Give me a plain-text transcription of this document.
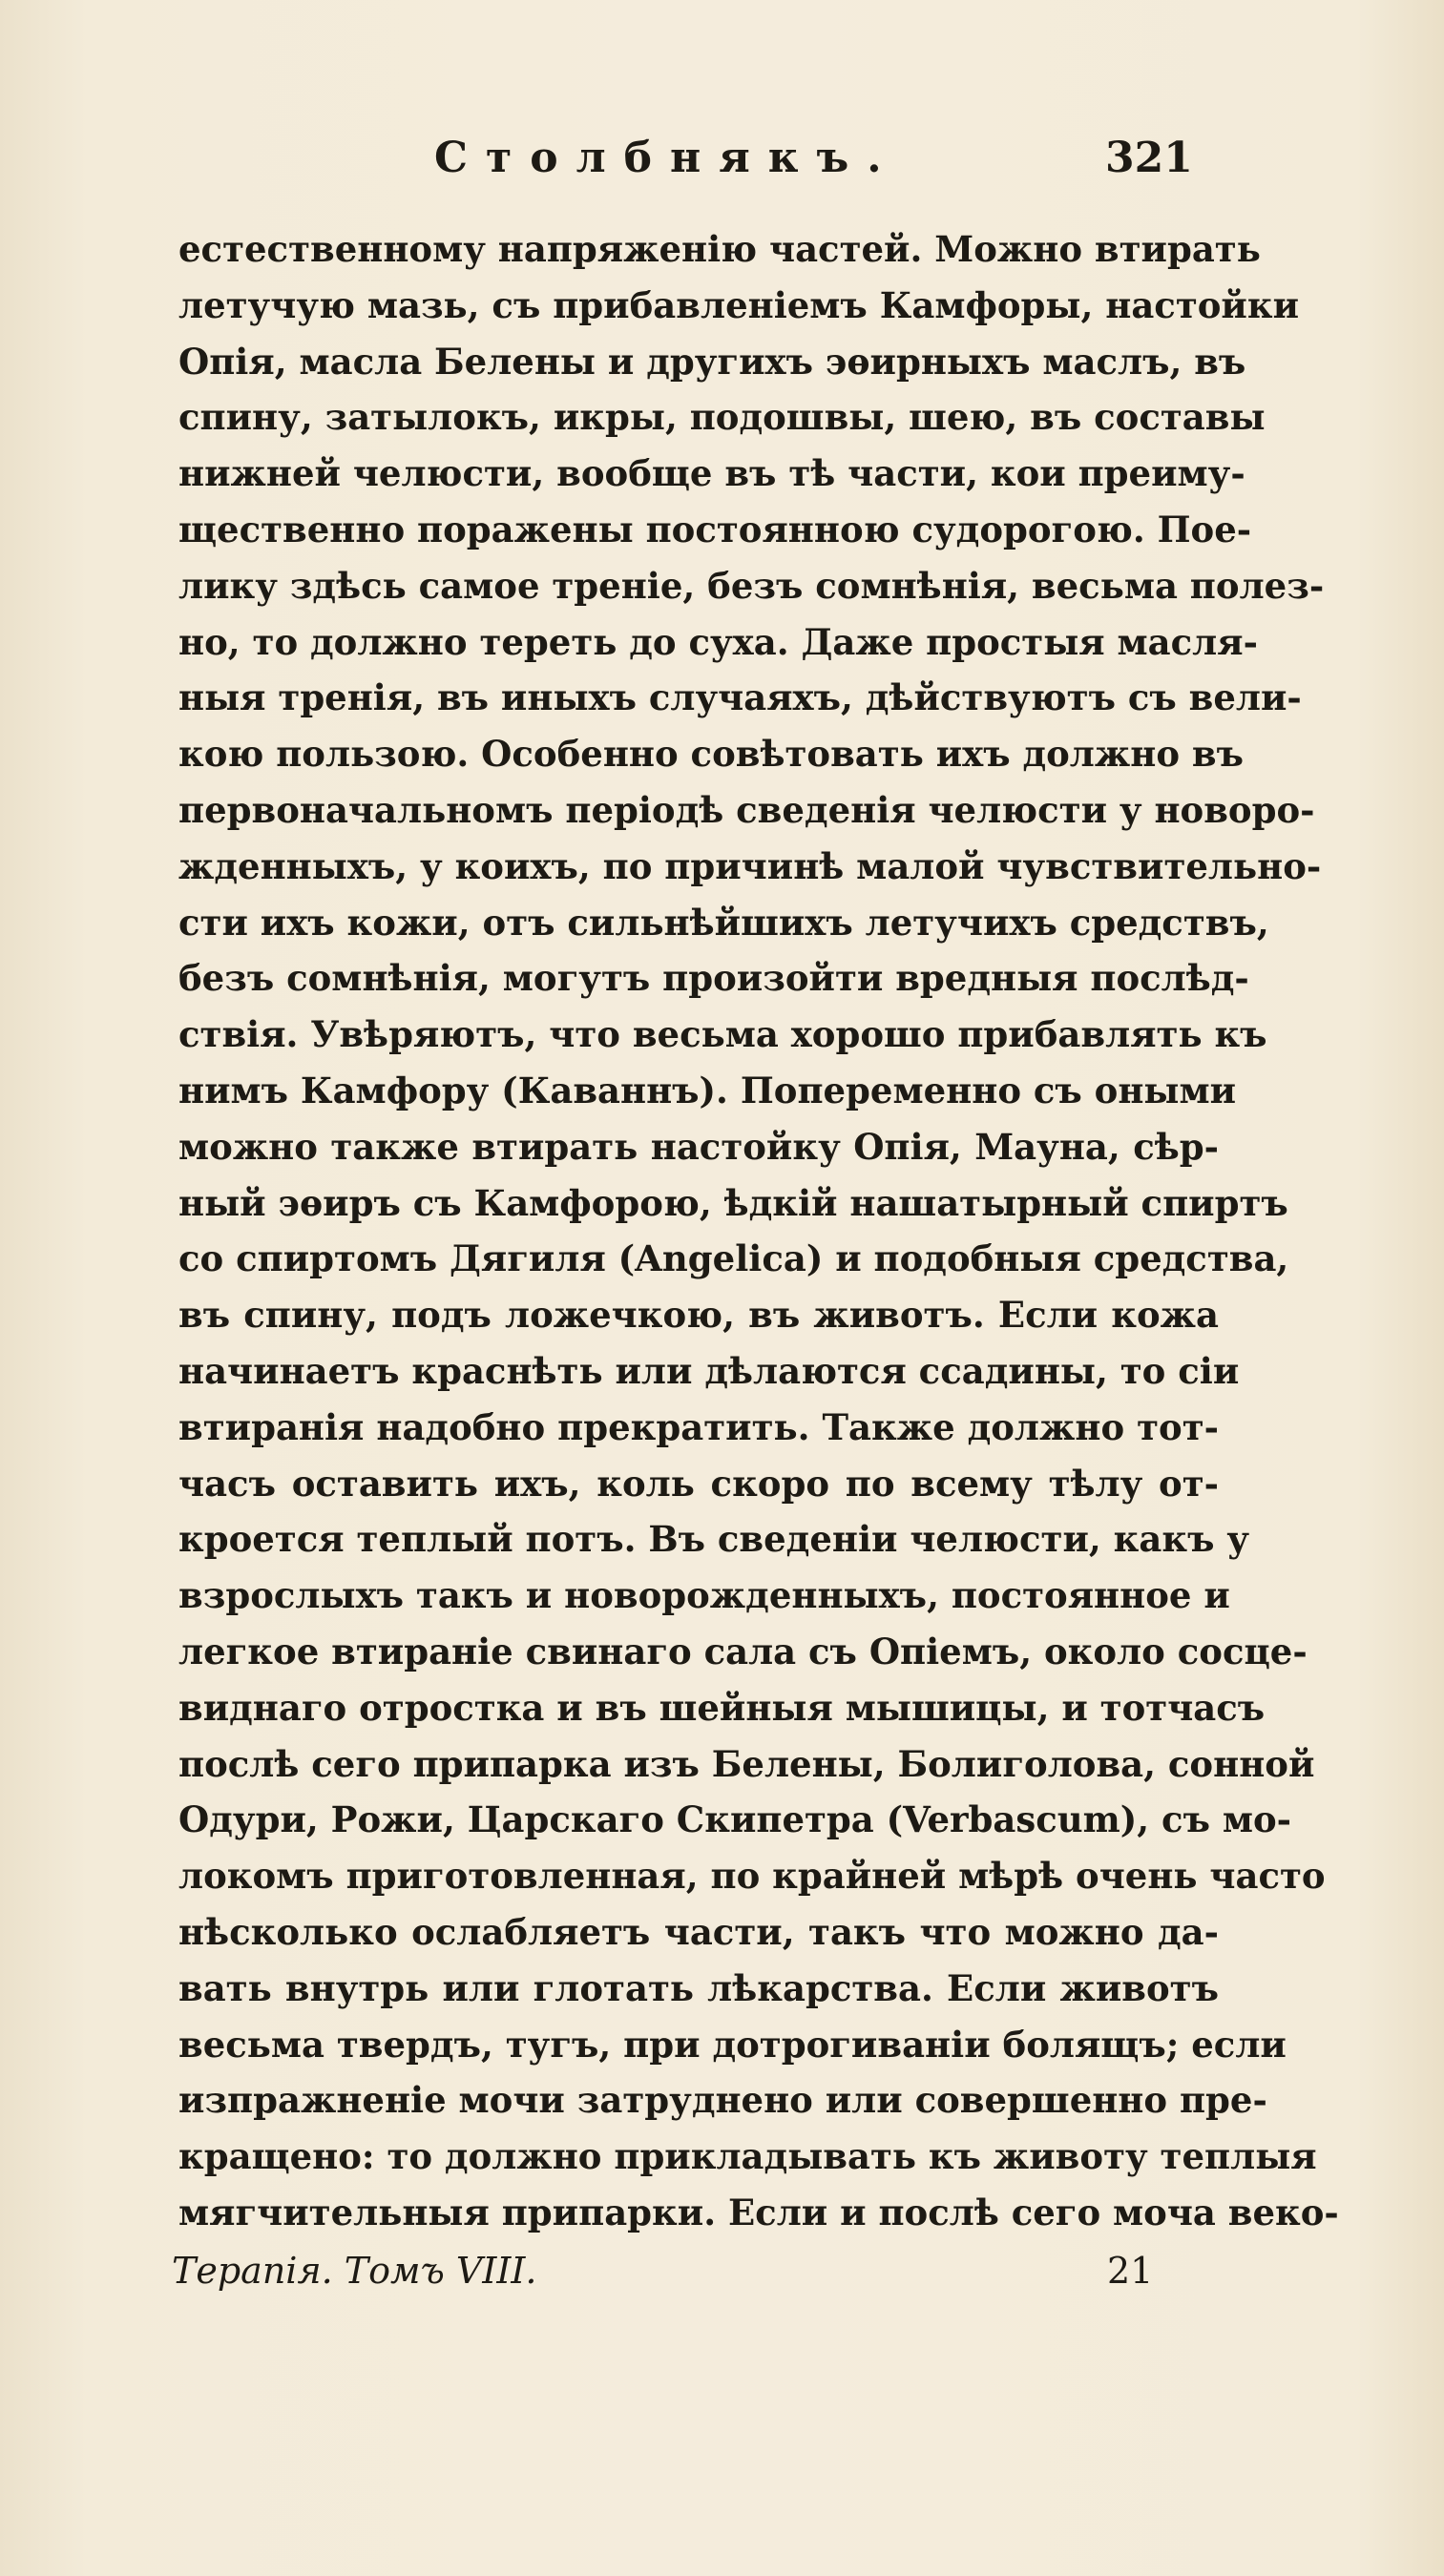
Столбнякъ.	321
естественному напряженію частей. Можно втирать
летучую мазь, съ прибавленіемъ Камфоры, настойки
Опія, масла Белены и другихъ эѳирныхъ маслъ, въ
спину, затылокъ, икры, подошвы, шею, въ составы
нижней челюсти, вообще въ тѣ части, кои преиму-
щественно поражены постоянною судорогою. Пое-
лику здѣсь самое треніе, безъ сомнѣнія, весьма полез-
но, то должно тереть до суха. Даже простыя масля-
ныя тренія, въ иныхъ случаяхъ, дѣйствуютъ съ вели-
кою пользою. Особенно совѣтовать ихъ должно въ
первоначальномъ періодѣ сведенія челюсти у новоро-
жденныхъ, у коихъ, по причинѣ малой чувствительно-
сти ихъ кожи, отъ сильнѣйшихъ летучихъ средствъ,
безъ сомнѣнія, могутъ произойти вредныя послѣд-
ствія. Увѣряютъ, что весьма хорошо прибавлять къ
нимъ Камфору (Каваннъ). Попеременно съ оными
можно также втирать настойку Опія, Мауна, сѣр-
ный эѳиръ съ Камфорою, ѣдкій нашатырный спиртъ
со спиртомъ Дягиля (Angelica) и подобныя средства,
въ спину, подъ ложечкою, въ животъ. Если кожа
начинаетъ краснѣть или дѣлаются ссадины, то сіи
втиранія надобно прекратить. Также должно тот-
часъ оставить ихъ, коль скоро по всему тѣлу от-
кроется теплый потъ. Въ сведеніи челюсти, какъ у
взрослыхъ такъ и новорожденныхъ, постоянное и
легкое втираніе свинаго сала съ Опіемъ, около сосце-
виднаго отростка и въ шейныя мышицы, и тотчасъ
послѣ сего припарка изъ Белены, Болиголова, сонной
Одури, Рожи, Царскаго Скипетра (Verbascum), съ мо-
локомъ приготовленная, по крайней мѣрѣ очень часто
нѣсколько ослабляетъ части, такъ что можно да-
вать внутрь или глотать лѣкарства. Если животъ
весьма твердъ, тугъ, при дотрогиваніи болящъ; если
изпражненіе мочи затруднено или совершенно пре-
кращено: то должно прикладывать къ животу теплыя
мягчительныя припарки. Если и послѣ сего моча векo-
Терапія. Томъ VIII.	21
